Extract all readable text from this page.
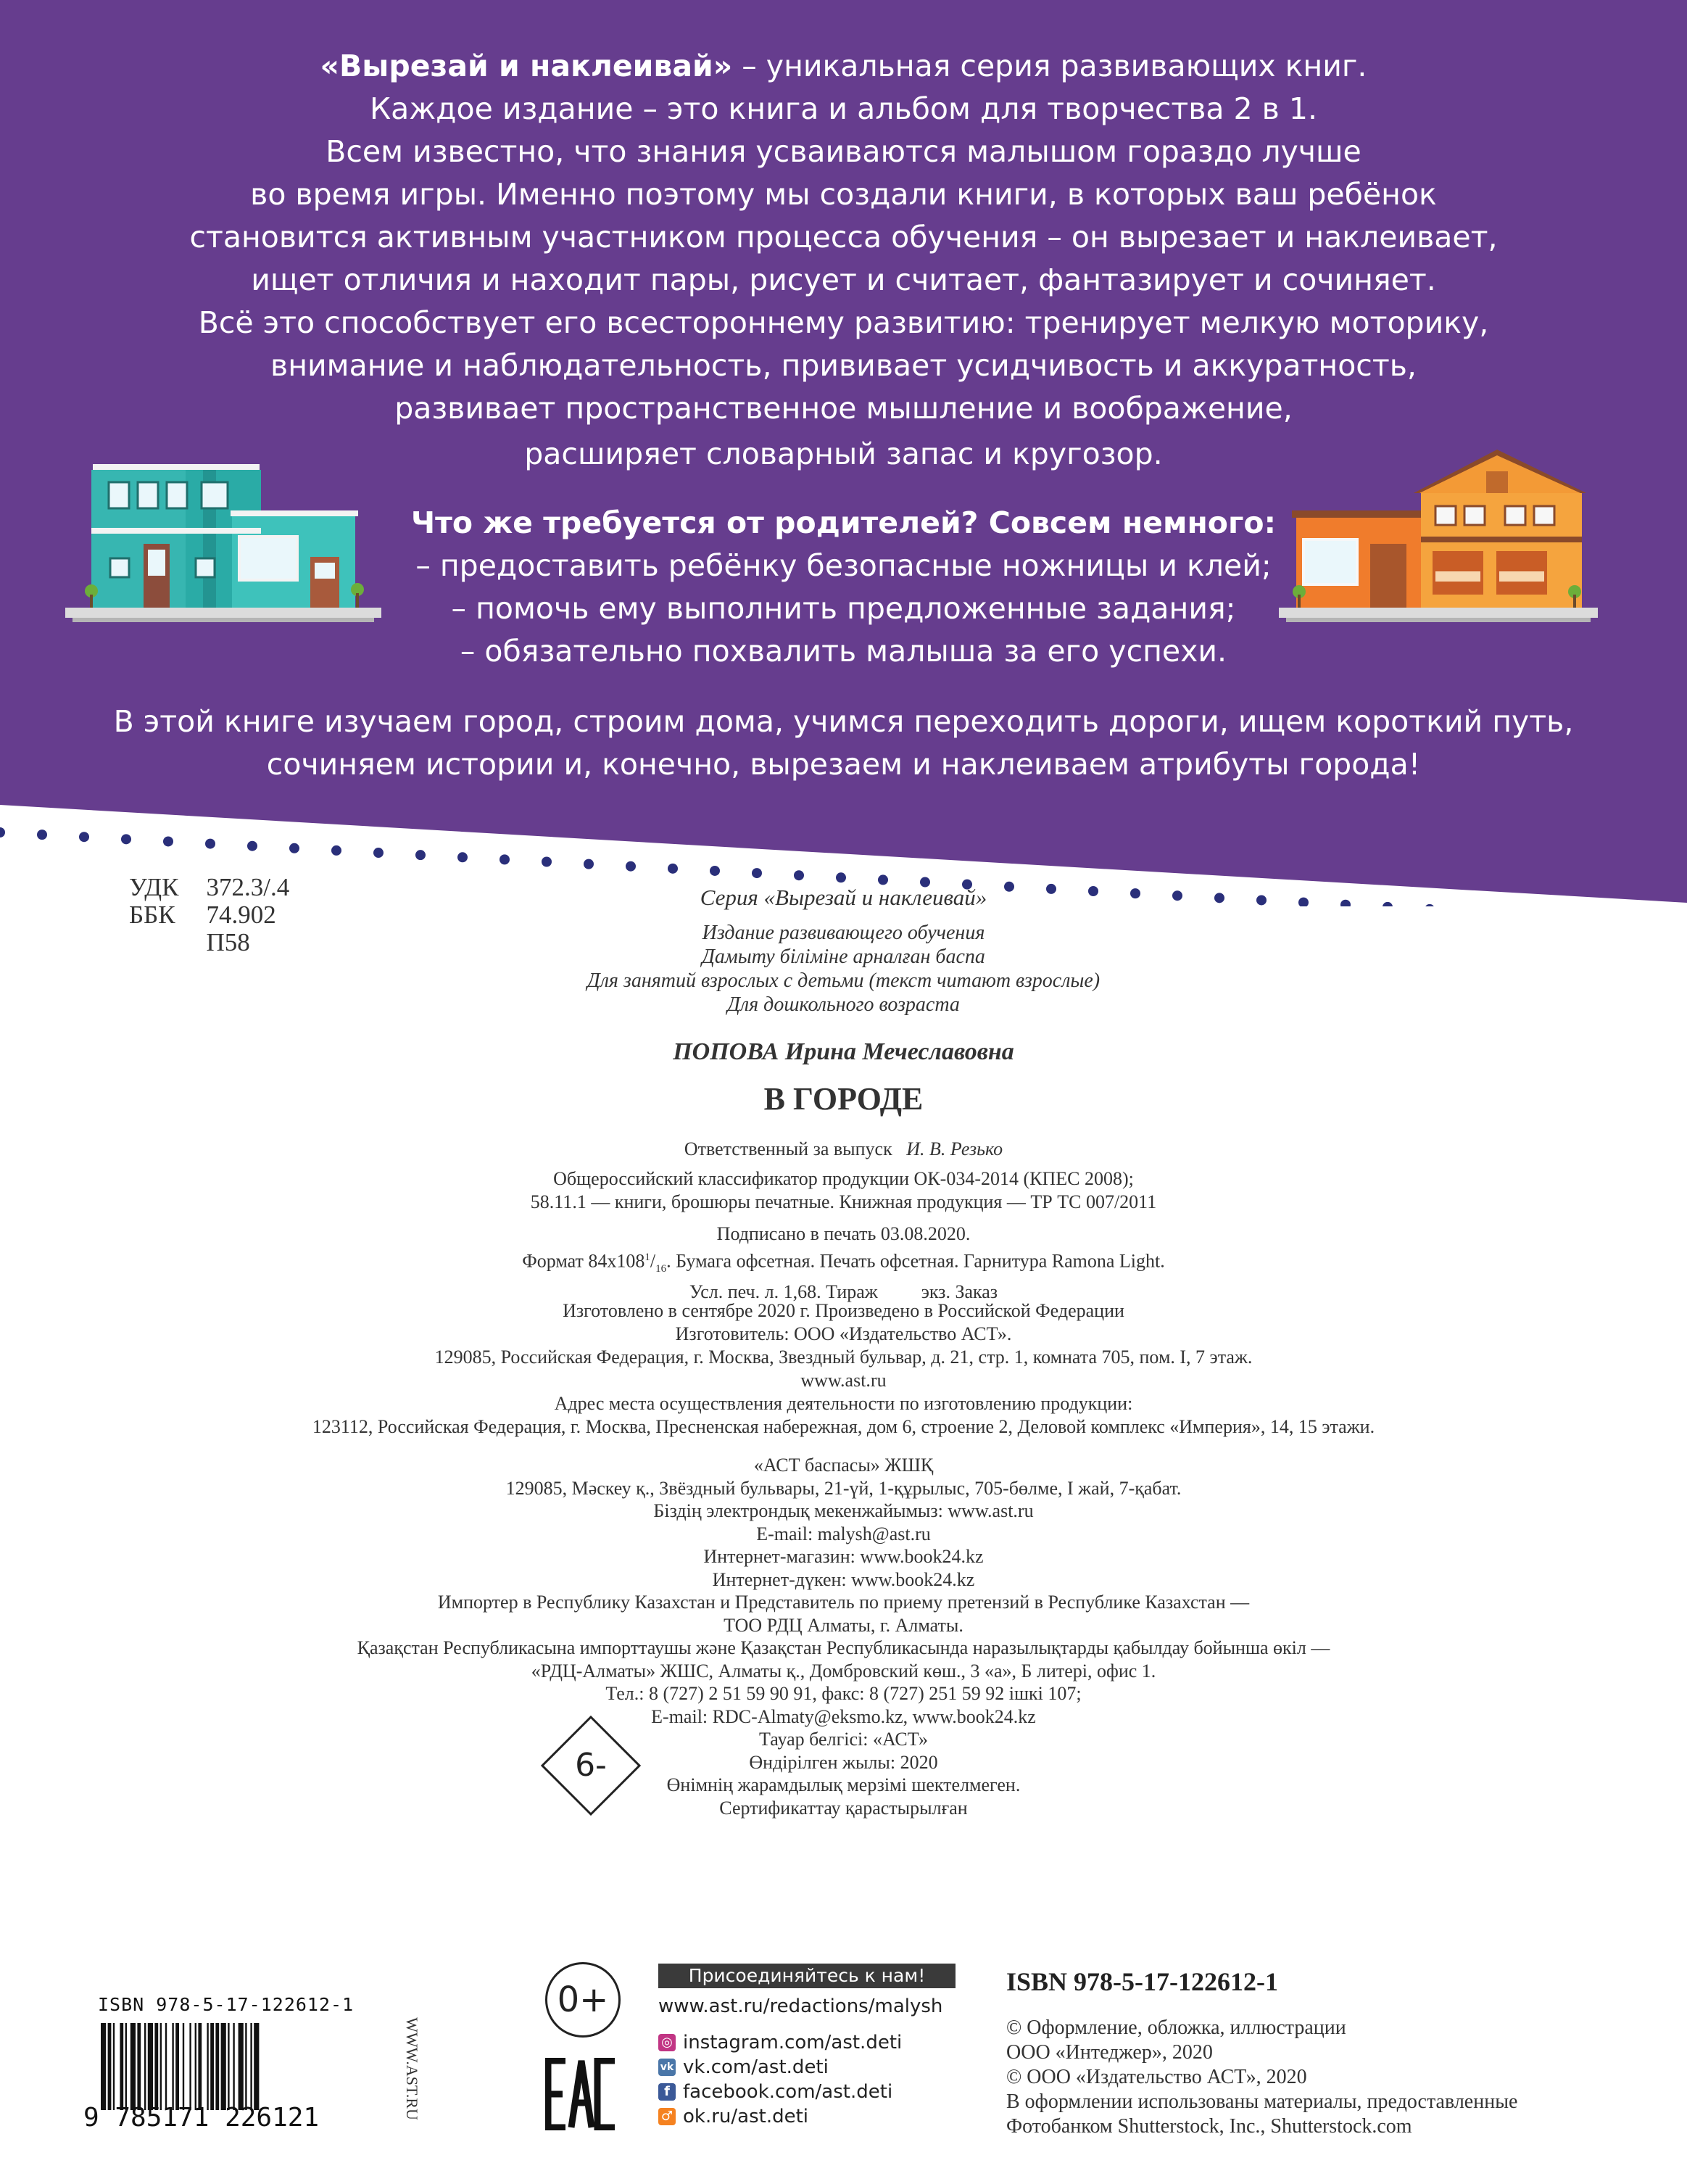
«Вырезай и наклеивай» – уникальная серия развивающих книг.
Каждое издание – это книга и альбом для творчества 2 в 1.
Всем известно, что знания усваиваются малышом гораздо лучше
во время игры. Именно поэтому мы создали книги, в которых ваш ребёнок
становится активным участником процесса обучения – он вырезает и наклеивает,
ищет отличия и находит пары, рисует и считает, фантазирует и сочиняет.
Всё это способствует его всестороннему развитию: тренирует мелкую моторику,
внимание и наблюдательность, прививает усидчивость и аккуратность,
развивает пространственное мышление и воображение,
расширяет словарный запас и кругозор.
Что же требуется от родителей? Совсем немного:
– предоставить ребёнку безопасные ножницы и клей;
– помочь ему выполнить предложенные задания;
– обязательно похвалить малыша за его успехи.
В этой книге изучаем город, строим дома, учимся переходить дороги, ищем короткий путь,
сочиняем истории и, конечно, вырезаем и наклеиваем атрибуты города!
УДК	372.3/.4
ББК	74.902
	П58
Серия «Вырезай и наклеивай»
Издание развивающего обучения
Дамыту біліміне арналған баспа
Для занятий взрослых с детьми (текст читают взрослые)
Для дошкольного возраста
ПОПОВА Ирина Мечеславовна
В ГОРОДЕ
Ответственный за выпуск И. В. Резько
Общероссийский классификатор продукции ОК-034-2014 (КПЕС 2008);
58.11.1 — книги, брошюры печатные. Книжная продукция — ТР ТС 007/2011
Подписано в печать 03.08.2020.
Формат $84x108^1/_{16}$. Бумага офсетная. Печать офсетная. Гарнитура Ramona Light.
Усл. печ. л. 1,68. Тираж экз. Заказ
Изготовлено в сентябре 2020 г. Произведено в Российской Федерации
Изготовитель: ООО «Издательство АСТ».
129085, Российская Федерация, г. Москва, Звездный бульвар, д. 21, стр. 1, комната 705, пом. I, 7 этаж.
www.ast.ru
Адрес места осуществления деятельности по изготовлению продукции:
123112, Российская Федерация, г. Москва, Пресненская набережная, дом 6, строение 2, Деловой комплекс «Империя», 14, 15 этажи.
«АСТ баспасы» ЖШҚ
129085, Мәскеу қ., Звёздный бульвары, 21-үй, 1-құрылыс, 705-бөлме, I жай, 7-қабат.
Біздің электрондық мекенжайымыз: www.ast.ru
E-mail: malysh@ast.ru
Интернет-магазин: www.book24.kz
Интернет-дүкен: www.book24.kz
Импортер в Республику Казахстан и Представитель по приему претензий в Республике Казахстан —
ТОО РДЦ Алматы, г. Алматы.
Қазақстан Республикасына импорттаушы және Қазақстан Республикасында наразылықтарды қабылдау бойынша өкіл —
«РДЦ-Алматы» ЖШС, Алматы қ., Домбровский көш., 3 «а», Б литері, офис 1.
Тел.: 8 (727) 2 51 59 90 91, факс: 8 (727) 251 59 92 ішкі 107;
E-mail: RDC-Almaty@eksmo.kz, www.book24.kz
Тауар белгісі: «АСТ»
Өндірілген жылы: 2020
Өнімнің жарамдылық мерзімі шектелмеген.
Сертификаттау қарастырылған
6-
ISBN 978-5-17-122612-1
9 785171 226121	WWW.AST.RU
0+
Присоединяйтесь к нам!
www.ast.ru/redactions/malysh
◎ instagram.com/ast.deti
vk vk.com/ast.deti
f facebook.com/ast.deti
♂ ok.ru/ast.deti
ISBN 978-5-17-122612-1
© Оформление, обложка, иллюстрации
ООО «Интеджер», 2020
© ООО «Издательство АСТ», 2020
В оформлении использованы материалы, предоставленные
Фотобанком Shutterstock, Inc., Shutterstock.com
